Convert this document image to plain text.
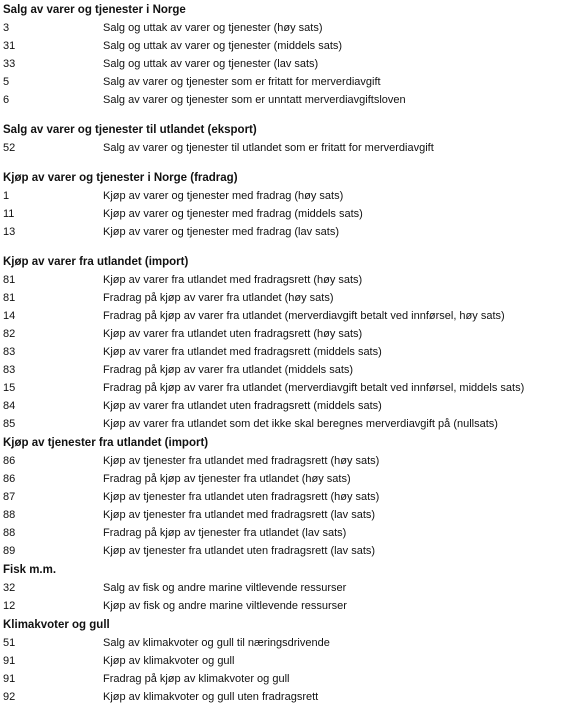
Salg av varer og tjenester i Norge
3	Salg og uttak av varer og tjenester (høy sats)
31	Salg og uttak av varer og tjenester (middels sats)
33	Salg og uttak av varer og tjenester (lav sats)
5	Salg av varer og tjenester som er fritatt for merverdiavgift
6	Salg av varer og tjenester som er unntatt merverdiavgiftsloven
Salg av varer og tjenester til utlandet (eksport)
52	Salg av varer og tjenester til utlandet som er fritatt for merverdiavgift
Kjøp av varer og tjenester i Norge (fradrag)
1	Kjøp av varer og tjenester med fradrag (høy sats)
11	Kjøp av varer og tjenester med fradrag (middels sats)
13	Kjøp av varer og tjenester med fradrag (lav sats)
Kjøp av varer fra utlandet (import)
81	Kjøp av varer fra utlandet med fradragsrett (høy sats)
81	Fradrag på kjøp av varer fra utlandet (høy sats)
14	Fradrag på kjøp av varer fra utlandet (merverdiavgift betalt ved innførsel, høy sats)
82	Kjøp av varer fra utlandet uten fradragsrett (høy sats)
83	Kjøp av varer fra utlandet med fradragsrett (middels sats)
83	Fradrag på kjøp av varer fra utlandet (middels sats)
15	Fradrag på kjøp av varer fra utlandet (merverdiavgift betalt ved innførsel, middels sats)
84	Kjøp av varer fra utlandet uten fradragsrett (middels sats)
85	Kjøp av varer fra utlandet som det ikke skal beregnes merverdiavgift på (nullsats)
Kjøp av tjenester fra utlandet (import)
86	Kjøp av tjenester fra utlandet med fradragsrett (høy sats)
86	Fradrag på kjøp av tjenester fra utlandet (høy sats)
87	Kjøp av tjenester fra utlandet uten fradragsrett (høy sats)
88	Kjøp av tjenester fra utlandet med fradragsrett (lav sats)
88	Fradrag på kjøp av tjenester fra utlandet (lav sats)
89	Kjøp av tjenester fra utlandet uten fradragsrett (lav sats)
Fisk m.m.
32	Salg av fisk og andre marine viltlevende ressurser
12	Kjøp av fisk og andre marine viltlevende ressurser
Klimakvoter og gull
51	Salg av klimakvoter og gull til næringsdrivende
91	Kjøp av klimakvoter og gull
91	Fradrag på kjøp av klimakvoter og gull
92	Kjøp av klimakvoter og gull uten fradragsrett
